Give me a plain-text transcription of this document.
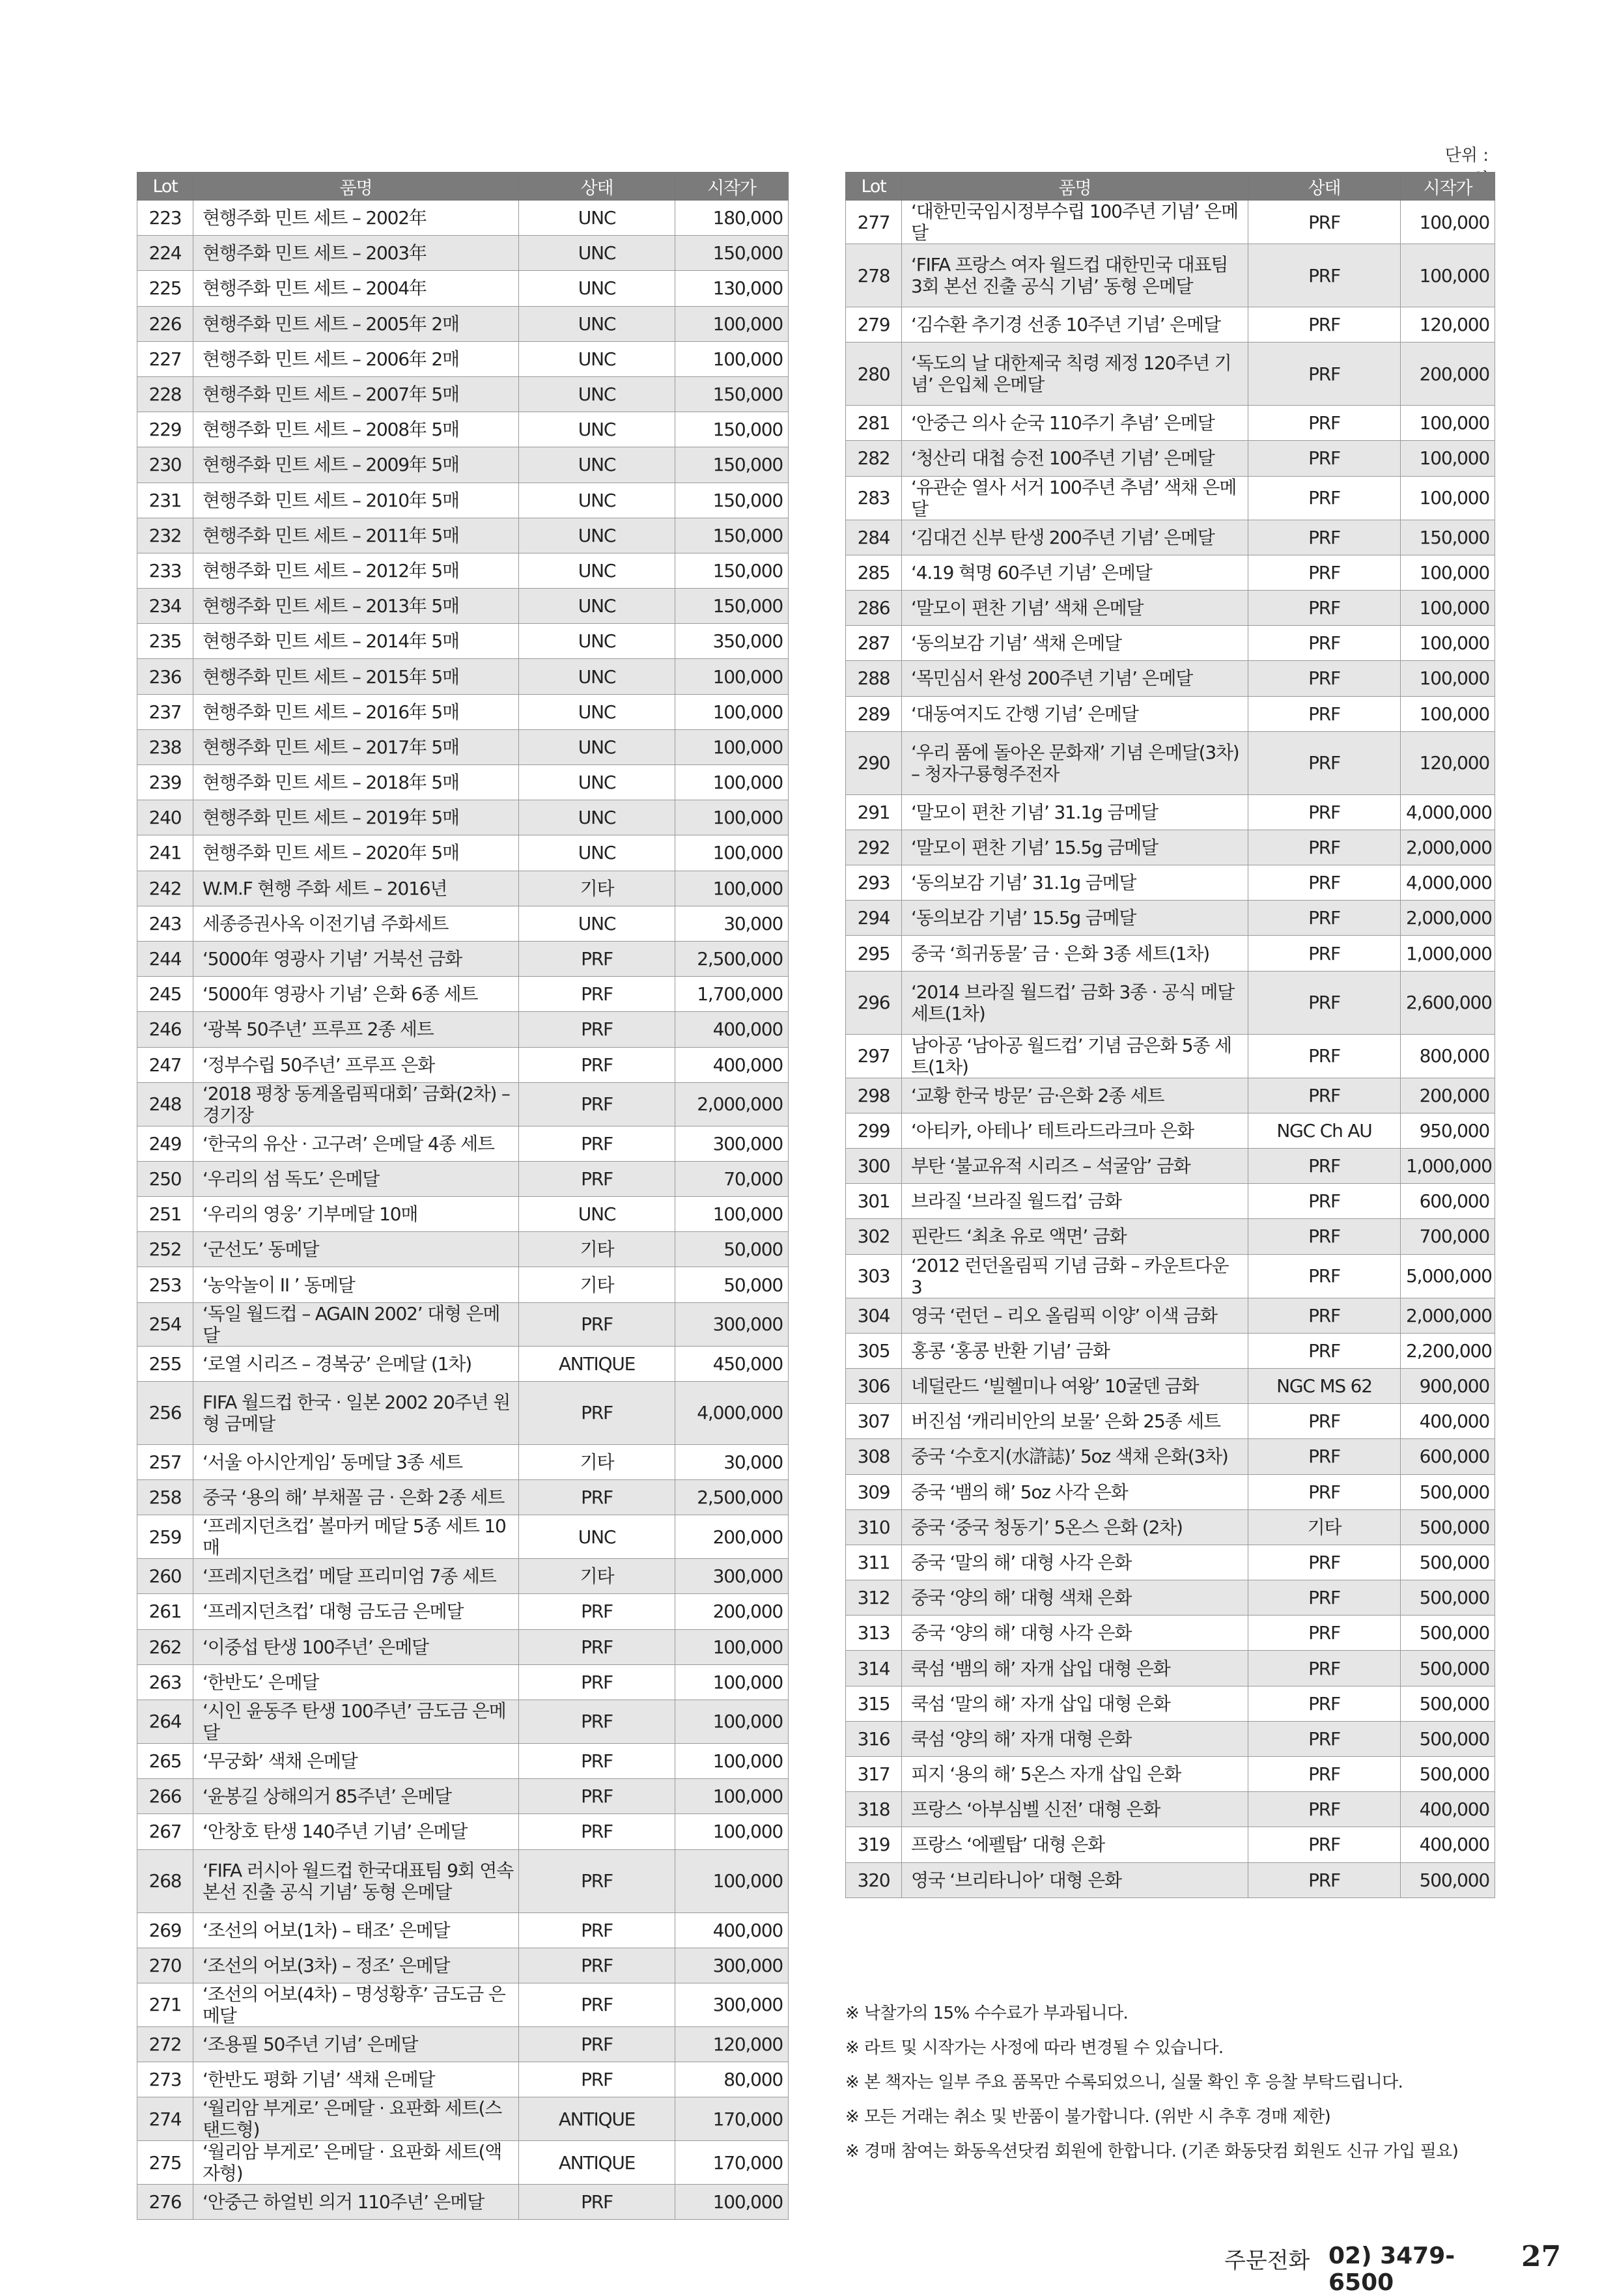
단위 :
Lot	품명	상태	시작가
223	현행주화 민트 세트 – 2002年	UNC	180,000
224	현행주화 민트 세트 – 2003年	UNC	150,000
225	현행주화 민트 세트 – 2004年	UNC	130,000
226	현행주화 민트 세트 – 2005年 2매	UNC	100,000
227	현행주화 민트 세트 – 2006年 2매	UNC	100,000
228	현행주화 민트 세트 – 2007年 5매	UNC	150,000
229	현행주화 민트 세트 – 2008年 5매	UNC	150,000
230	현행주화 민트 세트 – 2009年 5매	UNC	150,000
231	현행주화 민트 세트 – 2010年 5매	UNC	150,000
232	현행주화 민트 세트 – 2011年 5매	UNC	150,000
233	현행주화 민트 세트 – 2012年 5매	UNC	150,000
234	현행주화 민트 세트 – 2013年 5매	UNC	150,000
235	현행주화 민트 세트 – 2014年 5매	UNC	350,000
236	현행주화 민트 세트 – 2015年 5매	UNC	100,000
237	현행주화 민트 세트 – 2016年 5매	UNC	100,000
238	현행주화 민트 세트 – 2017年 5매	UNC	100,000
239	현행주화 민트 세트 – 2018年 5매	UNC	100,000
240	현행주화 민트 세트 – 2019年 5매	UNC	100,000
241	현행주화 민트 세트 – 2020年 5매	UNC	100,000
242	W.M.F 현행 주화 세트 – 2016년	기타	100,000
243	세종증권사옥 이전기념 주화세트	UNC	30,000
244	‘5000年 영광사 기념’ 거북선 금화	PRF	2,500,000
245	‘5000年 영광사 기념’ 은화 6종 세트	PRF	1,700,000
246	‘광복 50주년’ 프루프 2종 세트	PRF	400,000
247	‘정부수립 50주년’ 프루프 은화	PRF	400,000
248	‘2018 평창 동계올림픽대회’ 금화(2차) – 경기장	PRF	2,000,000
249	‘한국의 유산 · 고구려’ 은메달 4종 세트	PRF	300,000
250	‘우리의 섬 독도’ 은메달	PRF	70,000
251	‘우리의 영웅’ 기부메달 10매	UNC	100,000
252	‘군선도’ 동메달	기타	50,000
253	‘농악놀이 II ’ 동메달	기타	50,000
254	‘독일 월드컵 – AGAIN 2002’ 대형 은메달	PRF	300,000
255	‘로열 시리즈 – 경복궁’ 은메달 (1차)	ANTIQUE	450,000
256	FIFA 월드컵 한국 · 일본 2002 20주년 원형 금메달	PRF	4,000,000
257	‘서울 아시안게임’ 동메달 3종 세트	기타	30,000
258	중국 ‘용의 해’ 부채꼴 금 · 은화 2종 세트	PRF	2,500,000
259	‘프레지던츠컵’ 볼마커 메달 5종 세트 10매	UNC	200,000
260	‘프레지던츠컵’ 메달 프리미엄 7종 세트	기타	300,000
261	‘프레지던츠컵’ 대형 금도금 은메달	PRF	200,000
262	‘이중섭 탄생 100주년’ 은메달	PRF	100,000
263	‘한반도’ 은메달	PRF	100,000
264	‘시인 윤동주 탄생 100주년’ 금도금 은메달	PRF	100,000
265	‘무궁화’ 색채 은메달	PRF	100,000
266	‘윤봉길 상해의거 85주년’ 은메달	PRF	100,000
267	‘안창호 탄생 140주년 기념’ 은메달	PRF	100,000
268	‘FIFA 러시아 월드컵 한국대표팀 9회 연속 본선 진출 공식 기념’ 동형 은메달	PRF	100,000
269	‘조선의 어보(1차) – 태조’ 은메달	PRF	400,000
270	‘조선의 어보(3차) – 정조’ 은메달	PRF	300,000
271	‘조선의 어보(4차) – 명성황후’ 금도금 은메달	PRF	300,000
272	‘조용필 50주년 기념’ 은메달	PRF	120,000
273	‘한반도 평화 기념’ 색채 은메달	PRF	80,000
274	‘월리암 부게로’ 은메달 · 요판화 세트(스탠드형)	ANTIQUE	170,000
275	‘월리암 부게로’ 은메달 · 요판화 세트(액자형)	ANTIQUE	170,000
276	‘안중근 하얼빈 의거 110주년’ 은메달	PRF	100,000
Lot	품명	상태	시작가
277	‘대한민국임시정부수립 100주년 기념’ 은메달	PRF	100,000
278	‘FIFA 프랑스 여자 월드컵 대한민국 대표팀 3회 본선 진출 공식 기념’ 동형 은메달	PRF	100,000
279	‘김수환 추기경 선종 10주년 기념’ 은메달	PRF	120,000
280	‘독도의 날 대한제국 칙령 제정 120주년 기념’ 은입체 은메달	PRF	200,000
281	‘안중근 의사 순국 110주기 추념’ 은메달	PRF	100,000
282	‘청산리 대첩 승전 100주년 기념’ 은메달	PRF	100,000
283	‘유관순 열사 서거 100주년 추념’ 색채 은메달	PRF	100,000
284	‘김대건 신부 탄생 200주년 기념’ 은메달	PRF	150,000
285	‘4.19 혁명 60주년 기념’ 은메달	PRF	100,000
286	‘말모이 편찬 기념’ 색채 은메달	PRF	100,000
287	‘동의보감 기념’ 색채 은메달	PRF	100,000
288	‘목민심서 완성 200주년 기념’ 은메달	PRF	100,000
289	‘대동여지도 간행 기념’ 은메달	PRF	100,000
290	‘우리 품에 돌아온 문화재’ 기념 은메달(3차) – 청자구룡형주전자	PRF	120,000
291	‘말모이 편찬 기념’ 31.1g 금메달	PRF	4,000,000
292	‘말모이 편찬 기념’ 15.5g 금메달	PRF	2,000,000
293	‘동의보감 기념’ 31.1g 금메달	PRF	4,000,000
294	‘동의보감 기념’ 15.5g 금메달	PRF	2,000,000
295	중국 ‘희귀동물’ 금 · 은화 3종 세트(1차)	PRF	1,000,000
296	‘2014 브라질 월드컵’ 금화 3종 · 공식 메달 세트(1차)	PRF	2,600,000
297	남아공 ‘남아공 월드컵’ 기념 금은화 5종 세트(1차)	PRF	800,000
298	‘교황 한국 방문’ 금·은화 2종 세트	PRF	200,000
299	‘아티카, 아테나’ 테트라드라크마 은화	NGC Ch AU	950,000
300	부탄 ‘불교유적 시리즈 – 석굴암’ 금화	PRF	1,000,000
301	브라질 ‘브라질 월드컵’ 금화	PRF	600,000
302	핀란드 ‘최초 유로 액면’ 금화	PRF	700,000
303	‘2012 런던올림픽 기념 금화 – 카운트다운 3	PRF	5,000,000
304	영국 ‘런던 – 리오 올림픽 이양’ 이색 금화	PRF	2,000,000
305	홍콩 ‘홍콩 반환 기념’ 금화	PRF	2,200,000
306	네덜란드 ‘빌헬미나 여왕’ 10굴덴 금화	NGC MS 62	900,000
307	버진섬 ‘캐리비안의 보물’ 은화 25종 세트	PRF	400,000
308	중국 ‘수호지(水滸誌)’ 5oz 색채 은화(3차)	PRF	600,000
309	중국 ‘뱀의 해’ 5oz 사각 은화	PRF	500,000
310	중국 ‘중국 청동기’ 5온스 은화 (2차)	기타	500,000
311	중국 ‘말의 해’ 대형 사각 은화	PRF	500,000
312	중국 ‘양의 해’ 대형 색채 은화	PRF	500,000
313	중국 ‘양의 해’ 대형 사각 은화	PRF	500,000
314	쿡섬 ‘뱀의 해’ 자개 삽입 대형 은화	PRF	500,000
315	쿡섬 ‘말의 해’ 자개 삽입 대형 은화	PRF	500,000
316	쿡섬 ‘양의 해’ 자개 대형 은화	PRF	500,000
317	피지 ‘용의 해’ 5온스 자개 삽입 은화	PRF	500,000
318	프랑스 ‘아부심벨 신전’ 대형 은화	PRF	400,000
319	프랑스 ‘에펠탑’ 대형 은화	PRF	400,000
320	영국 ‘브리타니아’ 대형 은화	PRF	500,000
※ 낙찰가의 15% 수수료가 부과됩니다.
※ 라트 및 시작가는 사정에 따라 변경될 수 있습니다.
※ 본 책자는 일부 주요 품목만 수록되었으니, 실물 확인 후 응찰 부탁드립니다.
※ 모든 거래는 취소 및 반품이 불가합니다. (위반 시 추후 경매 제한)
※ 경매 참여는 화동옥션닷컴 회원에 한합니다. (기존 화동닷컴 회원도 신규 가입 필요)
주문전화 02) 3479-6500
27
